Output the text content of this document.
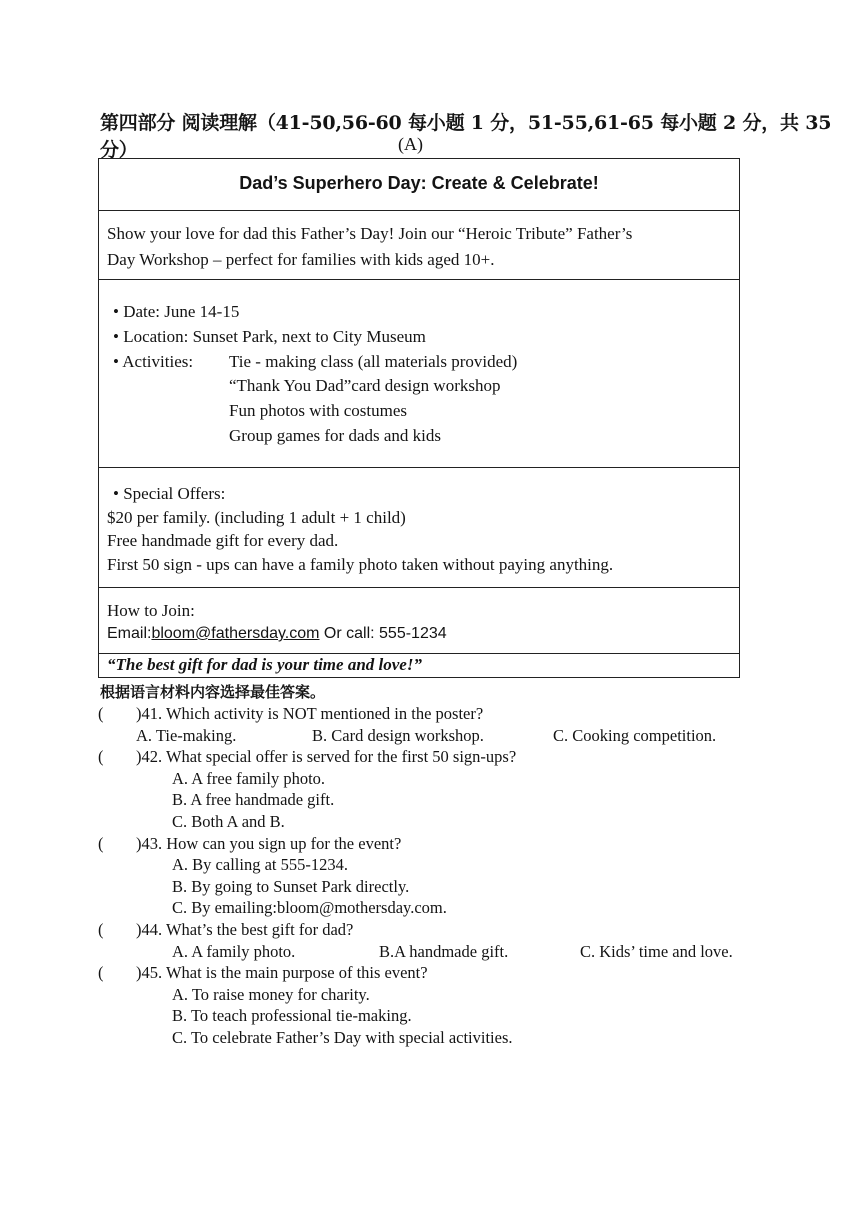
第四部分 阅读理解（41-50,56-60 每小题 1 分，51-55,61-65 每小题 2 分，共 35 分）	(A)
Dad’s Superhero Day: Create & Celebrate!
Show your love for dad this Father’s Day! Join our “Heroic Tribute” Father’s
Day Workshop – perfect for families with kids aged 10+.
• Date: June 14-15
• Location: Sunset Park, next to City Museum
• Activities:	Tie - making class (all materials provided)
“Thank You Dad”card design workshop
Fun photos with costumes
Group games for dads and kids
• Special Offers:
$20 per family. (including 1 adult + 1 child)
Free handmade gift for every dad.
First 50 sign - ups can have a family photo taken without paying anything.
How to Join:
Email:bloom@fathersday.com Or call: 555-1234
“The best gift for dad is your time and love!”
根据语言材料内容选择最佳答案。
( )41. Which activity is NOT mentioned in the poster?
A. Tie-making.	B. Card design workshop.	C. Cooking competition.
( )42. What special offer is served for the first 50 sign-ups?
A. A free family photo.
B. A free handmade gift.
C. Both A and B.
( )43. How can you sign up for the event?
A. By calling at 555-1234.
B. By going to Sunset Park directly.
C. By emailing:bloom@mothersday.com.
( )44. What’s the best gift for dad?
A. A family photo.	B.A handmade gift.	C. Kids’ time and love.
( )45. What is the main purpose of this event?
A. To raise money for charity.
B. To teach professional tie-making.
C. To celebrate Father’s Day with special activities.
